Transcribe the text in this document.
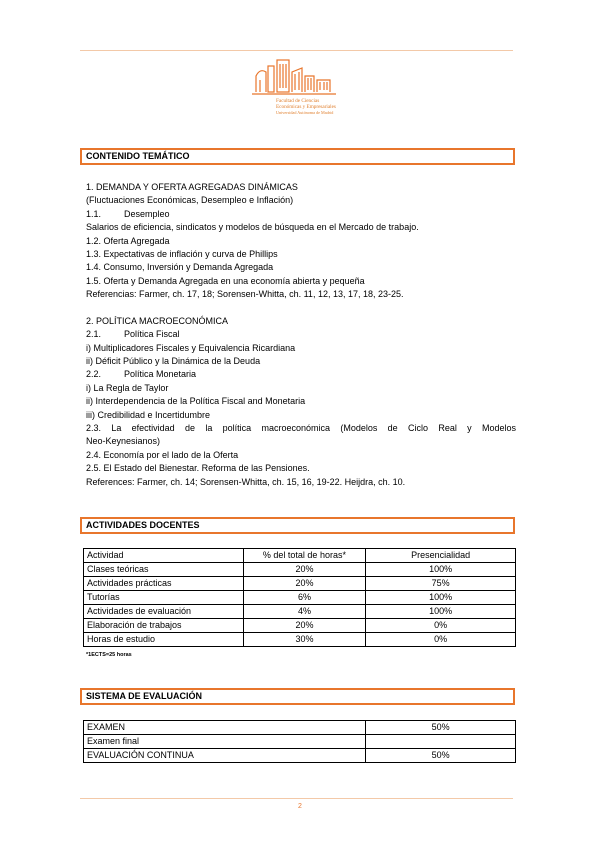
Facultad de Ciencias
Económicas y Empresariales
Universidad Autónoma de Madrid
CONTENIDO TEMÁTICO
1. DEMANDA Y OFERTA AGREGADAS DINÁMICAS
(Fluctuaciones Económicas, Desempleo e Inflación)
1.1.	Desempleo
Salarios de eficiencia, sindicatos y modelos de búsqueda en el Mercado de trabajo.
1.2. Oferta Agregada
1.3. Expectativas de inflación y curva de Phillips
1.4. Consumo, Inversión y Demanda Agregada
1.5. Oferta y Demanda Agregada en una economía abierta y pequeña
Referencias: Farmer, ch. 17, 18; Sorensen-Whitta, ch. 11, 12, 13, 17, 18, 23-25.
2. POLÍTICA MACROECONÓMICA
2.1.	Política Fiscal
i) Multiplicadores Fiscales y Equivalencia Ricardiana
ii) Déficit Público y la Dinámica de la Deuda
2.2.	Política Monetaria
i) La Regla de Taylor
ii) Interdependencia de la Política Fiscal and Monetaria
iii) Credibilidad e Incertidumbre
2.3. La efectividad de la política macroeconómica (Modelos de Ciclo Real y Modelos
Neo-Keynesianos)
2.4. Economía por el lado de la Oferta
2.5. El Estado del Bienestar. Reforma de las Pensiones.
References: Farmer, ch. 14; Sorensen-Whitta, ch. 15, 16, 19-22. Heijdra, ch. 10.
ACTIVIDADES DOCENTES
Actividad	% del total de horas*	Presencialidad
Clases teóricas	20%	100%
Actividades prácticas	20%	75%
Tutorías	6%	100%
Actividades de evaluación	4%	100%
Elaboración de trabajos	20%	0%
Horas de estudio	30%	0%
*1ECTS=25 horas
SISTEMA DE EVALUACIÓN
EXAMEN	50%
Examen final	
EVALUACIÓN CONTINUA	50%
2
